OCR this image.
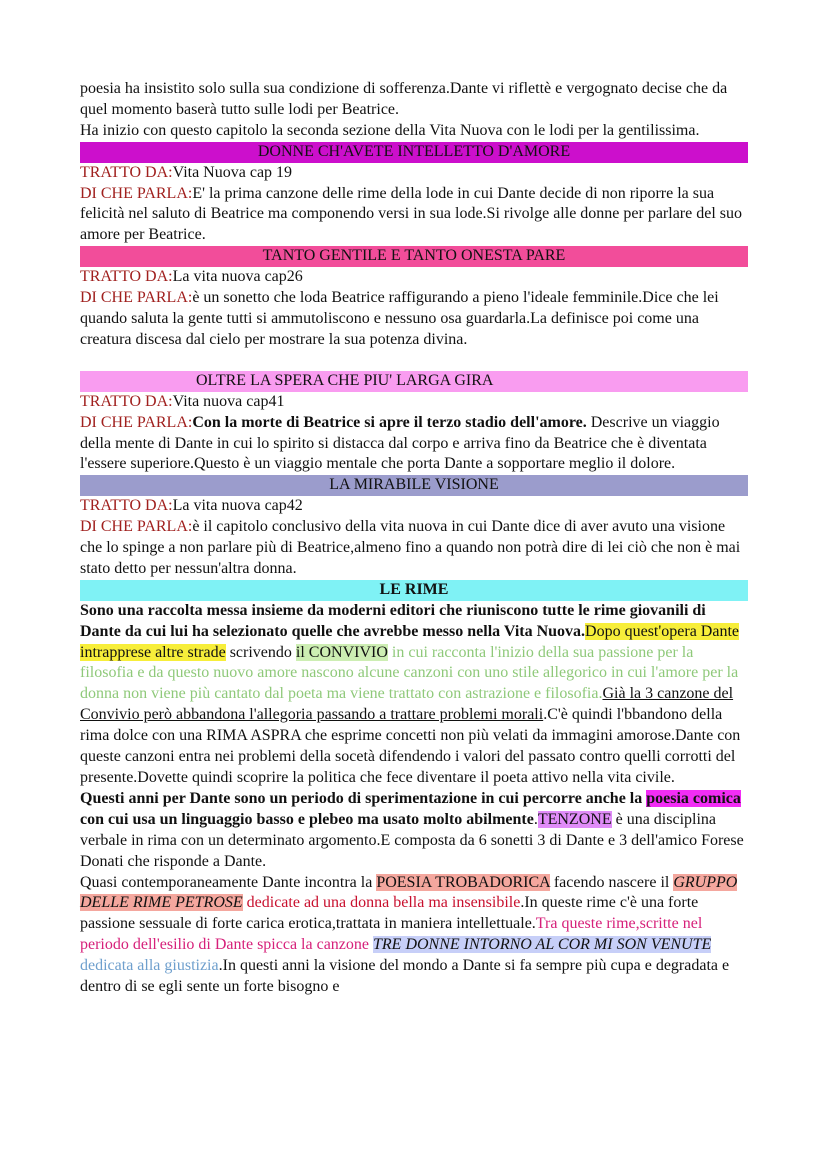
poesia ha insistito solo sulla sua condizione di sofferenza.Dante vi riflettè e vergognato decise che da quel momento baserà tutto sulle lodi per Beatrice.

Ha inizio con questo capitolo la seconda sezione della Vita Nuova con le lodi per la gentilissima.

DONNE CH'AVETE INTELLETTO D'AMORE

TRATTO DA:Vita Nuova cap 19

DI CHE PARLA:E' la prima canzone delle rime della lode in cui Dante decide di non riporre la sua felicità nel saluto di Beatrice ma componendo versi in sua lode.Si rivolge alle donne per parlare del suo amore per Beatrice.

TANTO GENTILE E TANTO ONESTA PARE

TRATTO DA:La vita nuova cap26

DI CHE PARLA:è un sonetto che loda Beatrice raffigurando a pieno l'ideale femminile.Dice che lei quando saluta la gente tutti si ammutoliscono e nessuno osa guardarla.La definisce poi come una creatura discesa dal cielo per mostrare la sua potenza divina.

OLTRE LA SPERA CHE PIU' LARGA GIRA

TRATTO DA:Vita nuova cap41

DI CHE PARLA:Con la morte di Beatrice si apre il terzo stadio dell'amore. Descrive un viaggio della mente di Dante in cui lo spirito si distacca dal corpo e arriva fino da Beatrice che è diventata l'essere superiore.Questo è un viaggio mentale che porta Dante a sopportare meglio il dolore.

LA MIRABILE VISIONE

TRATTO DA:La vita nuova cap42

DI CHE PARLA:è il capitolo conclusivo della vita nuova in cui Dante dice di aver avuto una visione che lo spinge a non parlare più di Beatrice,almeno fino a quando non potrà dire di lei ciò che non è mai stato detto per nessun'altra donna.

LE RIME

Sono una raccolta messa insieme da moderni editori che riuniscono tutte le rime giovanili di Dante da cui lui ha selezionato quelle che avrebbe messo nella Vita Nuova.Dopo quest'opera Dante intrapprese altre strade scrivendo il CONVIVIO in cui racconta l'inizio della sua passione per la filosofia e da questo nuovo amore nascono alcune canzoni con uno stile allegorico in cui l'amore per la donna non viene più cantato dal poeta ma viene trattato con astrazione e filosofia.Già la 3 canzone del Convivio però abbandona l'allegoria passando a trattare problemi morali.C'è quindi l'bbandono della rima dolce con una RIMA ASPRA che esprime concetti non più velati da immagini amorose.Dante con queste canzoni entra nei problemi della socetà difendendo i valori del passato contro quelli corrotti del presente.Dovette quindi scoprire la politica che fece diventare il poeta attivo nella vita civile.

Questi anni per Dante sono un periodo di sperimentazione in cui percorre anche la poesia comica con cui usa un linguaggio basso e plebeo ma usato molto abilmente.TENZONE è una disciplina verbale in rima con un determinato argomento.E composta da 6 sonetti 3 di Dante e 3 dell'amico Forese Donati che risponde a Dante.

Quasi contemporaneamente Dante incontra la POESIA TROBADORICA facendo nascere il GRUPPO DELLE RIME PETROSE dedicate ad una donna bella ma insensibile.In queste rime c'è una forte passione sessuale di forte carica erotica,trattata in maniera intellettuale.Tra queste rime,scritte nel periodo dell'esilio di Dante spicca la canzone TRE DONNE INTORNO AL COR MI SON VENUTE dedicata alla giustizia.In questi anni la visione del mondo a Dante si fa sempre più cupa e degradata e dentro di se egli sente un forte bisogno e
